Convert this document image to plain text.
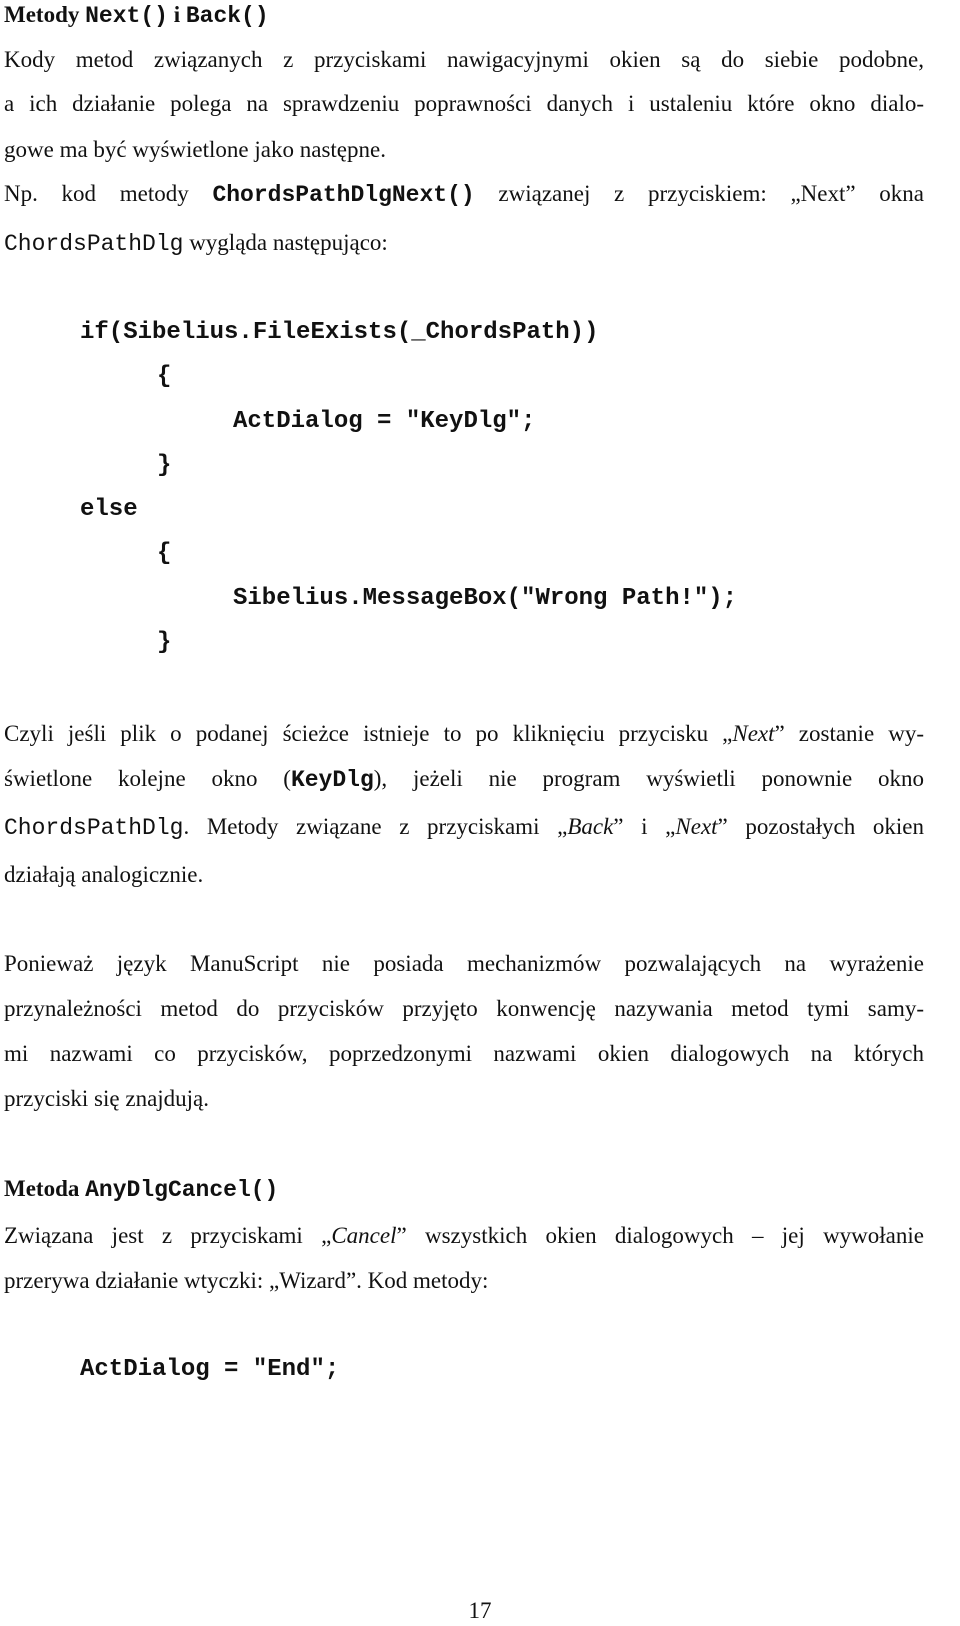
Metody Next() i Back()
Kody metod związanych z przyciskami nawigacyjnymi okien są do siebie podobne,
a ich działanie polega na sprawdzeniu poprawności danych i ustaleniu które okno dialo-
gowe ma być wyświetlone jako następne.
Np. kod metody ChordsPathDlgNext() związanej z przyciskiem: „Next” okna
ChordsPathDlg wygląda następująco:
if(Sibelius.FileExists(_ChordsPath))
{
ActDialog = "KeyDlg";
}
else
{
Sibelius.MessageBox("Wrong Path!");
}
Czyli jeśli plik o podanej ścieżce istnieje to po kliknięciu przycisku „Next” zostanie wy-
świetlone kolejne okno (KeyDlg), jeżeli nie program wyświetli ponownie okno
ChordsPathDlg. Metody związane z przyciskami „Back” i „Next” pozostałych okien
działają analogicznie.
Ponieważ język ManuScript nie posiada mechanizmów pozwalających na wyrażenie
przynależności metod do przycisków przyjęto konwencję nazywania metod tymi samy-
mi nazwami co przycisków, poprzedzonymi nazwami okien dialogowych na których
przyciski się znajdują.
Metoda AnyDlgCancel()
Związana jest z przyciskami „Cancel” wszystkich okien dialogowych – jej wywołanie
przerywa działanie wtyczki: „Wizard”. Kod metody:
ActDialog = "End";
17
